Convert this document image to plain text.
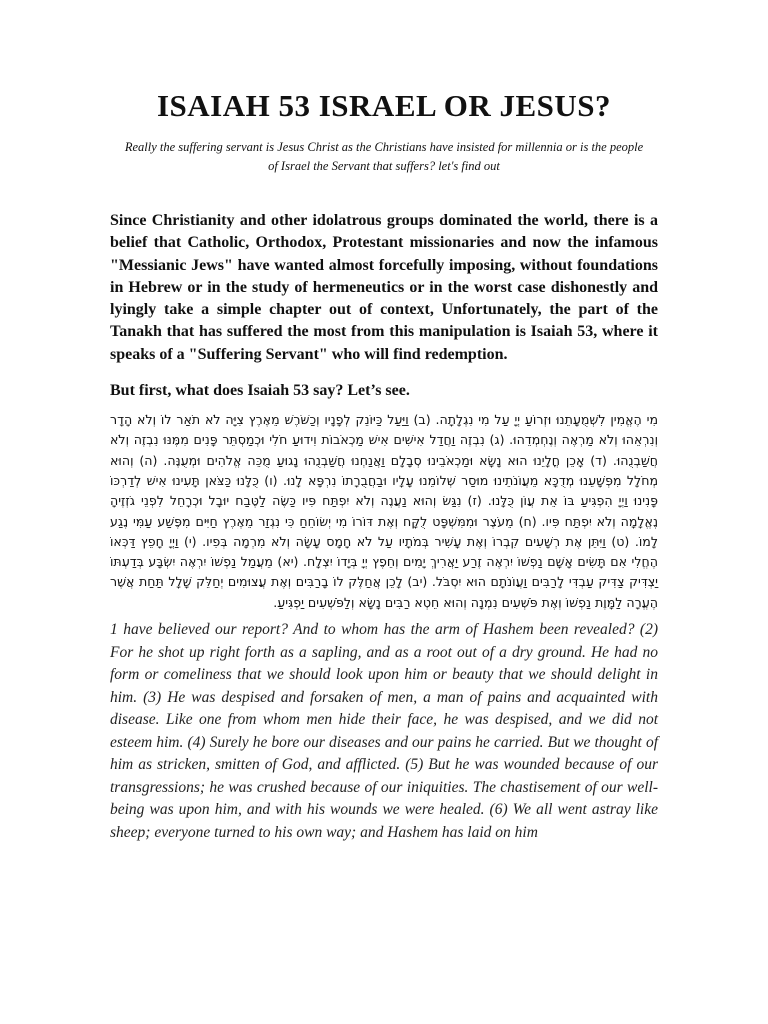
ISAIAH 53 ISRAEL OR JESUS?

Really the suffering servant is Jesus Christ as the Christians have insisted for millennia or is the people of Israel the Servant that suffers? let's find out

Since Christianity and other idolatrous groups dominated the world, there is a belief that Catholic, Orthodox, Protestant missionaries and now the infamous "Messianic Jews" have wanted almost forcefully imposing, without foundations in Hebrew or in the study of hermeneutics or in the worst case dishonestly and lyingly take a simple chapter out of context, Unfortunately, the part of the Tanakh that has suffered the most from this manipulation is Isaiah 53, where it speaks of a "Suffering Servant" who will find redemption.

But first, what does Isaiah 53 say? Let’s see.

מִי הֶאֱמִין לִשְׁמֻעָתֵנוּ וּזְרוֹעַ יְיָ עַל מִי נִגְלָתָה. (ב) וַיַּעַל כַּיּוֹנֵק לְפָנָיו וְכַשֹּׁרֶשׁ מֵאֶרֶץ צִיָּה לֹא תֹאַר לוֹ וְלֹא הָדָר וְנִרְאֵהוּ וְלֹא מַרְאֶה וְנֶחְמְדֵהוּ. (ג) נִבְזֶה וַחֲדַל אִישִׁים אִישׁ מַכְאֹבוֹת וִידוּעַ חֹלִי וּכְמַסְתֵּר פָּנִים מִמֶּנּוּ נִבְזֶה וְלֹא חֲשַׁבְנֻהוּ. (ד) אָכֵן חֳלָיֵנוּ הוּא נָשָׂא וּמַכְאֹבֵינוּ סְבָלָם וַאֲנַחְנוּ חֲשַׁבְנֻהוּ נָגוּעַ מֻכֵּה אֱלֹהִים וּמְעֻנֶּה. (ה) וְהוּא מְחֹלָל מִפְּשָׁעֵנוּ מְדֻכָּא מֵעֲוֹנֹתֵינוּ מוּסַר שְׁלוֹמֵנוּ עָלָיו וּבַחֲבֻרָתוֹ נִרְפָּא לָנוּ. (ו) כֻּלָּנוּ כַּצֹּאן תָּעִינוּ אִישׁ לְדַרְכּוֹ פָּנִינוּ וַיְיָ הִפְגִּיעַ בּוֹ אֵת עֲוֹן כֻּלָּנוּ. (ז) נִגַּשׂ וְהוּא נַעֲנֶה וְלֹא יִפְתַּח פִּיו כַּשֶּׂה לַטֶּבַח יוּבָל וּכְרָחֵל לִפְנֵי גֹזְזֶיהָ נֶאֱלָמָה וְלֹא יִפְתַּח פִּיו. (ח) מֵעֹצֶר וּמִמִּשְׁפָּט לֻקָּח וְאֶת דּוֹרוֹ מִי יְשׂוֹחֵחַ כִּי נִגְזַר מֵאֶרֶץ חַיִּים מִפֶּשַׁע עַמִּי נֶגַע לָמוֹ. (ט) וַיִּתֵּן אֶת רְשָׁעִים קִבְרוֹ וְאֶת עָשִׁיר בְּמֹתָיו עַל לֹא חָמָס עָשָׂה וְלֹא מִרְמָה בְּפִיו. (י) וַיְיָ חָפֵץ דַּכְּאוֹ הֶחֱלִי אִם תָּשִׂים אָשָׁם נַפְשׁוֹ יִרְאֶה זֶרַע יַאֲרִיךְ יָמִים וְחֵפֶץ יְיָ בְּיָדוֹ יִצְלָח. (יא) מֵעֲמַל נַפְשׁוֹ יִרְאֶה יִשְׂבָּע בְּדַעְתּוֹ יַצְדִּיק צַדִּיק עַבְדִּי לָרַבִּים וַעֲוֹנֹתָם הוּא יִסְבֹּל. (יב) לָכֵן אֲחַלֶּק לוֹ בָרַבִּים וְאֶת עֲצוּמִים יְחַלֵּק שָׁלָל תַּחַת אֲשֶׁר הֶעֱרָה לַמָּוֶת נַפְשׁוֹ וְאֶת פֹּשְׁעִים נִמְנָה וְהוּא חֵטְא רַבִּים נָשָׂא וְלַפֹּשְׁעִים יַפְגִּיעַ.

1 have believed our report? And to whom has the arm of Hashem been revealed? (2) For he shot up right forth as a sapling, and as a root out of a dry ground. He had no form or comeliness that we should look upon him or beauty that we should delight in him. (3) He was despised and forsaken of men, a man of pains and acquainted with disease. Like one from whom men hide their face, he was despised, and we did not esteem him. (4) Surely he bore our diseases and our pains he carried. But we thought of him as stricken, smitten of God, and afflicted. (5) But he was wounded because of our transgressions; he was crushed because of our iniquities. The chastisement of our well-being was upon him, and with his wounds we were healed. (6) We all went astray like sheep; everyone turned to his own way; and Hashem has laid on him
